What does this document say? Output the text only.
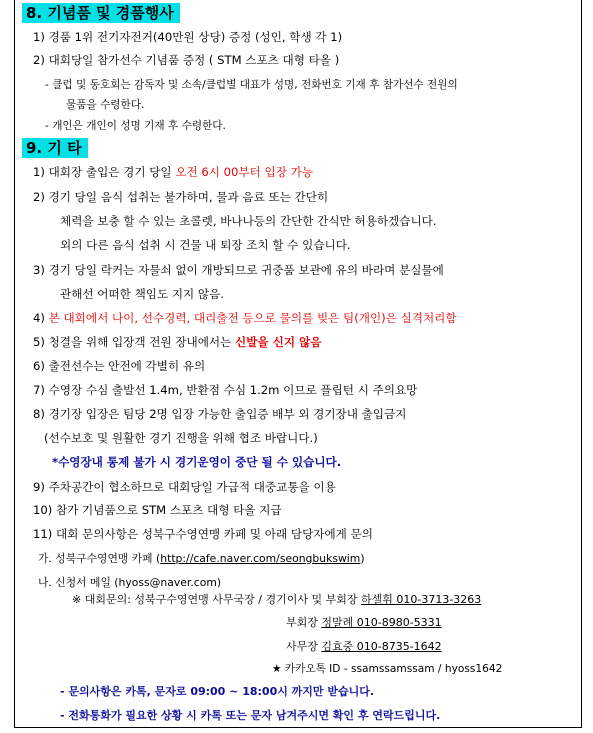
8. 기념품 및 경품행사
1) 경품 1위 전기자전거(40만원 상당) 증정 (성인, 학생 각 1)
2) 대회당일 참가선수 기념품 증정 ( STM 스포츠 대형 타올 )
- 클럽 및 동호회는 감독자 및 소속/클럽별 대표가 성명, 전화번호 기재 후 참가선수 전원의
물품을 수령한다.
- 개인은 개인이 성명 기재 후 수령한다.
9. 기 타
1) 대회장 출입은 경기 당일 오전 6시 00부터 입장 가능
2) 경기 당일 음식 섭취는 불가하며, 물과 음료 또는 간단히
체력을 보충 할 수 있는 초콜렛, 바나나등의 간단한 간식만 허용하겠습니다.
외의 다른 음식 섭취 시 건물 내 퇴장 조치 할 수 있습니다.
3) 경기 당일 락커는 자물쇠 없이 개방되므로 귀중품 보관에 유의 바라며 분실물에
관해선 어떠한 책임도 지지 않음.
4) 본 대회에서 나이, 선수경력, 대리출전 등으로 물의를 빚은 팀(개인)은 실격처리함
5) 청결을 위해 입장객 전원 장내에서는 신발을 신지 않음
6) 출전선수는 안전에 각별히 유의
7) 수영장 수심 출발선 1.4m, 반환점 수심 1.2m 이므로 플립턴 시 주의요망
8) 경기장 입장은 팀당 2명 입장 가능한 출입증 배부 외 경기장내 출입금지
(선수보호 및 원활한 경기 진행을 위해 협조 바랍니다.)
*수영장내 통제 불가 시 경기운영이 중단 될 수 있습니다.
9) 주차공간이 협소하므로 대회당일 가급적 대중교통을 이용
10) 참가 기념품으로 STM 스포츠 대형 타올 지급
11) 대회 문의사항은 성북구수영연맹 카페 및 아래 담당자에게 문의
가. 성북구수영연맹 카페 (http://cafe.naver.com/seongbukswim)
나. 신청서 메일 (hyoss@naver.com)
※ 대회문의: 성북구수영연맹 사무국장 / 경기이사 및 부회장 하셀휘 010-3713-3263
부회장 정말례 010-8980-5331
사무장 김효중 010-8735-1642
★ 카카오톡 ID - ssamssamssam / hyoss1642
- 문의사항은 카톡, 문자로 09:00 ~ 18:00시 까지만 받습니다.
- 전화통화가 필요한 상황 시 카톡 또는 문자 남겨주시면 확인 후 연락드립니다.
